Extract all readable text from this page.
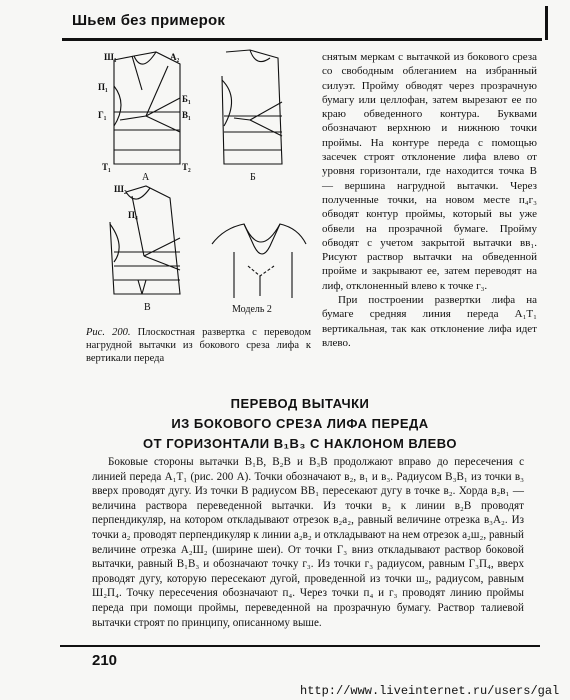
Шьем без примерок
Ш₁	А₂
П₁
Б₁
В₁
Г₁
Т₁	Т₂
Ш₂
П₄
А	Б
В	Модель 2
Рис. 200. Плоскостная развертка с переводом нагрудной вытачки из бокового среза лифа к вертикали переда

снятым меркам с вытачкой из бокового среза со свободным облеганием на избранный силуэт. Пройму обводят через прозрачную бумагу или целлофан, затем вырезают ее по краю обведенного контура. Буквами обозначают верхнюю и нижнюю точки проймы. На контуре переда с помощью засечек строят отклонение лифа влево от уровня горизонтали, где находится точка В — вершина нагрудной вытачки. Через полученные точки, на новом месте п₄г₃ обводят контур проймы, который вы уже обвели на прозрачной бумаге. Пройму обводят с учетом закрытой вытачки вв₁. Рисуют раствор вытачки на обведенной пройме и закрывают ее, затем переводят на лиф, отклоненный влево к точке г₃.

При построении развертки лифа на бумаге средняя линия переда А₁Т₁ вертикальная, так как отклонение лифа идет влево.

ПЕРЕВОД ВЫТАЧКИ
ИЗ БОКОВОГО СРЕЗА ЛИФА ПЕРЕДА
ОТ ГОРИЗОНТАЛИ В₁В₃ С НАКЛОНОМ ВЛЕВО
Боковые стороны вытачки В₁В, В₂В и В₃В продолжают вправо до пересечения с линией переда А₁Т₁ (рис. 200 А). Точки обозначают в₂, в₁ и в₃. Радиусом В₃В₁ из точки в₃ вверх проводят дугу. Из точки В радиусом ВВ₁ пересекают дугу в точке в₂. Хорда в₂в₁ — величина раствора переведенной вытачки. Из точки в₂ к линии в₂В проводят перпендикуляр, на котором откладывают отрезок в₂а₂, равный величине отрезка в₃А₂. Из точки а₂ проводят перпендикуляр к линии а₂в₂ и откладывают на нем отрезок а₂ш₂, равный величине отрезка А₂Ш₂ (ширине шеи). От точки Г₃ вниз откладывают раствор боковой вытачки, равный В₁В₃ и обозначают точку г₃. Из точки г₃ радиусом, равным Г₃П₄, вверх проводят дугу, которую пересекают дугой, проведенной из точки ш₂, радиусом, равным Ш₂П₄. Точку пересечения обозначают п₄. Через точки п₄ и г₃ проводят линию проймы переда при помощи проймы, переведенной на прозрачную бумагу. Раствор талиевой вытачки строят по принципу, описанному выше.
210
http://www.liveinternet.ru/users/gal
